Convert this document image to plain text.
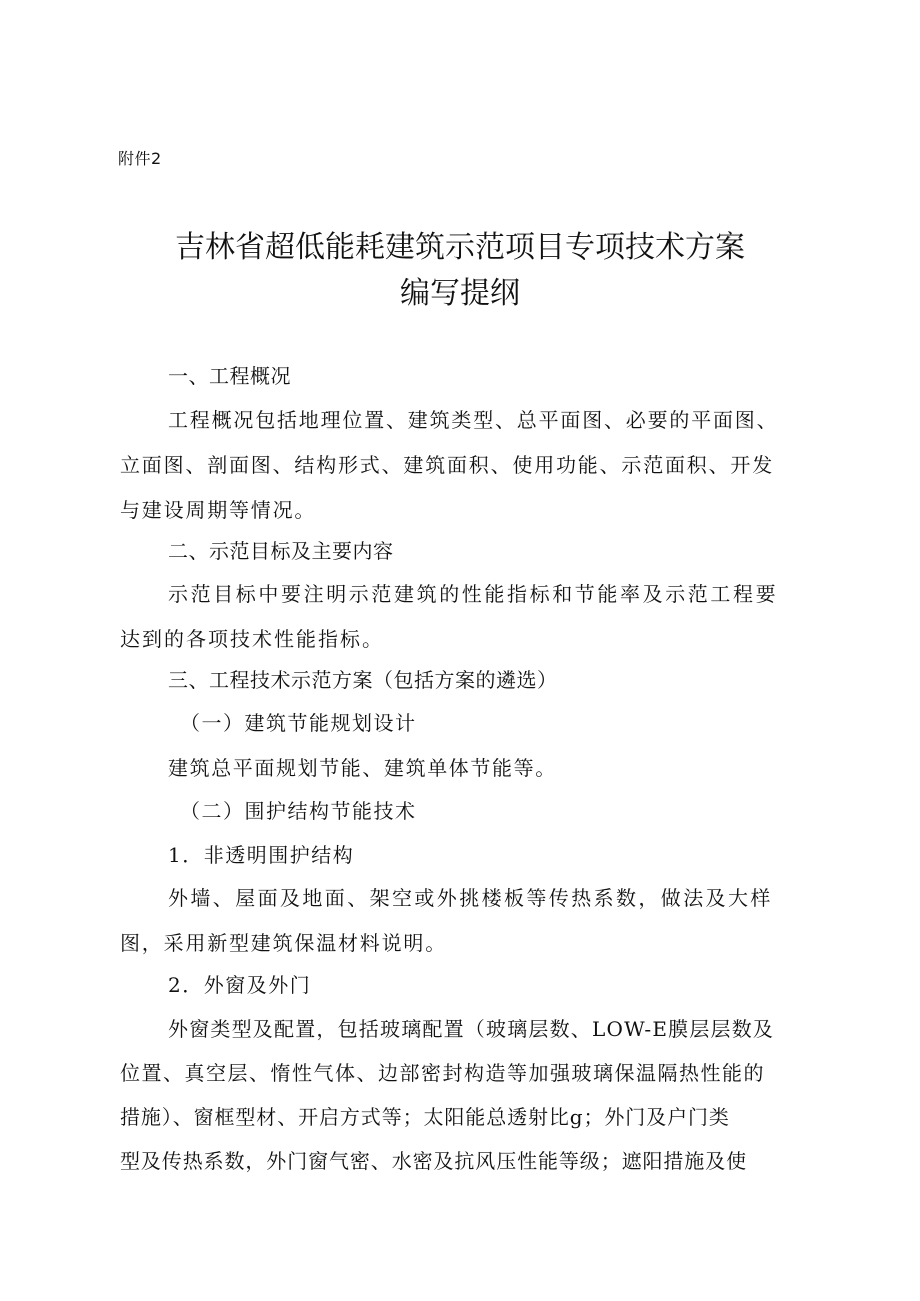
附件2
吉林省超低能耗建筑示范项目专项技术方案
编写提纲
一、工程概况
工程概况包括地理位置、建筑类型、总平面图、必要的平面图、
立面图、剖面图、结构形式、建筑面积、使用功能、示范面积、开发
与建设周期等情况。
二、示范目标及主要内容
示范目标中要注明示范建筑的性能指标和节能率及示范工程要
达到的各项技术性能指标。
三、工程技术示范方案（包括方案的遴选）
（一）建筑节能规划设计
建筑总平面规划节能、建筑单体节能等。
（二）围护结构节能技术
1．非透明围护结构
外墙、屋面及地面、架空或外挑楼板等传热系数，做法及大样
图，采用新型建筑保温材料说明。
2．外窗及外门
外窗类型及配置，包括玻璃配置（玻璃层数、LOW-E膜层层数及
位置、真空层、惰性气体、边部密封构造等加强玻璃保温隔热性能的
措施）、窗框型材、开启方式等；太阳能总透射比g；外门及户门类
型及传热系数，外门窗气密、水密及抗风压性能等级；遮阳措施及使
